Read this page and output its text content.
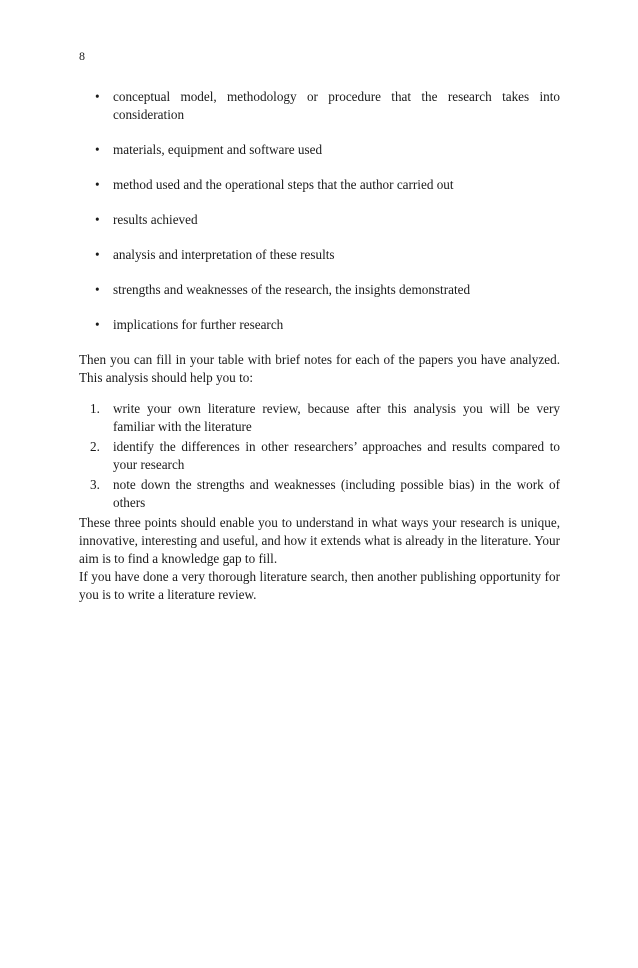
8
• conceptual model, methodology or procedure that the research takes into consideration
• materials, equipment and software used
• method used and the operational steps that the author carried out
• results achieved
• analysis and interpretation of these results
• strengths and weaknesses of the research, the insights demonstrated
• implications for further research

Then you can fill in your table with brief notes for each of the papers you have analyzed. This analysis should help you to:

1. write your own literature review, because after this analysis you will be very familiar with the literature
2. identify the differences in other researchers’ approaches and results compared to your research
3. note down the strengths and weaknesses (including possible bias) in the work of others

These three points should enable you to understand in what ways your research is unique, innovative, interesting and useful, and how it extends what is already in the literature. Your aim is to find a knowledge gap to fill.

If you have done a very thorough literature search, then another publishing opportunity for you is to write a literature review.
